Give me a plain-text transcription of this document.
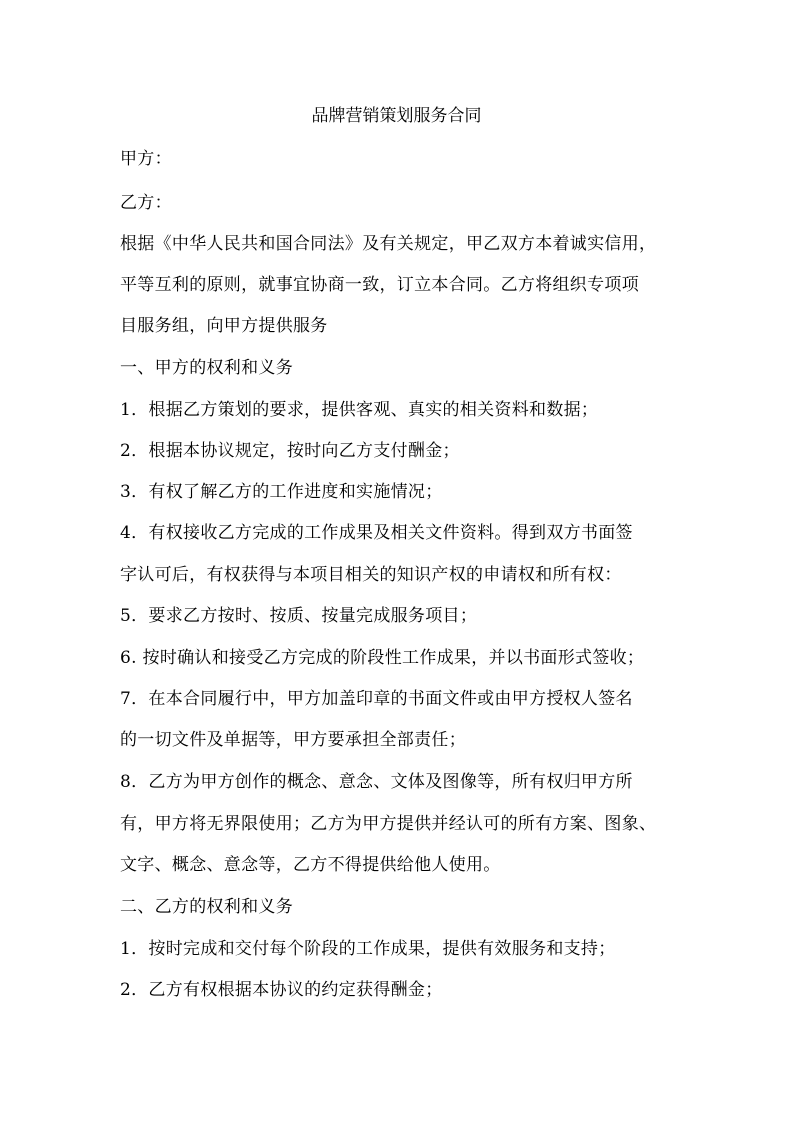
品牌营销策划服务合同
甲方：
乙方：
根据《中华人民共和国合同法》及有关规定，甲乙双方本着诚实信用，
平等互利的原则，就事宜协商一致，订立本合同。乙方将组织专项项
目服务组，向甲方提供服务
一、甲方的权利和义务
1．根据乙方策划的要求，提供客观、真实的相关资料和数据；
2．根据本协议规定，按时向乙方支付酬金；
3．有权了解乙方的工作进度和实施情况；
4．有权接收乙方完成的工作成果及相关文件资料。得到双方书面签
字认可后，有权获得与本项目相关的知识产权的申请权和所有权：
5．要求乙方按时、按质、按量完成服务项目；
6. 按时确认和接受乙方完成的阶段性工作成果，并以书面形式签收；
7．在本合同履行中，甲方加盖印章的书面文件或由甲方授权人签名
的一切文件及单据等，甲方要承担全部责任；
8．乙方为甲方创作的概念、意念、文体及图像等，所有权归甲方所
有，甲方将无界限使用；乙方为甲方提供并经认可的所有方案、图象、
文字、概念、意念等，乙方不得提供给他人使用。
二、乙方的权利和义务
1．按时完成和交付每个阶段的工作成果，提供有效服务和支持；
2．乙方有权根据本协议的约定获得酬金；
